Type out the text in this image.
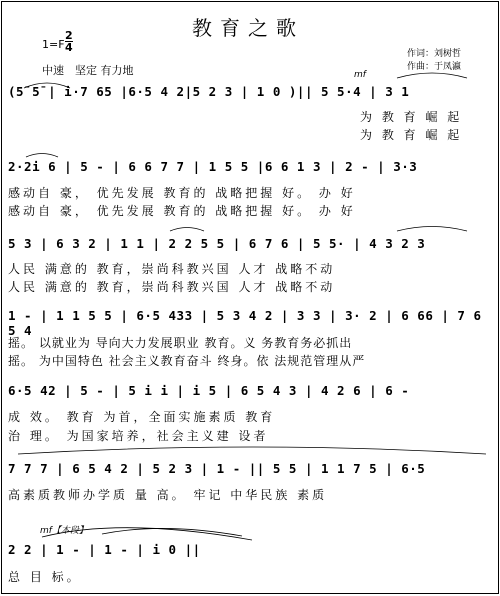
教育之歌
1=F
2
4
中速　坚定 有力地
作词：刘树哲
作曲：于凤瀛
mf
(5̄ 5̄ | i·7 65 |6·5 4 2|5 2 3 | 1 0 )|| 5 5·4 | 3 1
为 教 育 崛 起
为 教 育 崛 起
2·2i 6 | 5 - | 6 6 7 7 | 1 5 5 |6 6 1 3 | 2 - | 3·3
感动自 豪， 优先发展 教育的 战略把握 好。 办 好
感动自 豪， 优先发展 教育的 战略把握 好。 办 好
5 3 | 6 3 2 | 1 1 | 2 2 5 5 | 6 7 6 | 5 5· | 4 3 2 3
人民 满意的 教育，崇尚科教兴国 人才 战略不动
人民 满意的 教育，崇尚科教兴国 人才 战略不动
1 - | 1 1 5 5 | 6·5 433 | 5 3 4 2 | 3 3 | 3· 2 | 6 66 | 7 6 5 4
摇。 以就业为 导向大力发展职业 教育。义 务教育务必抓出
摇。 为中国特色 社会主义教育奋斗 终身。依 法规范管理从严
6·5 42 | 5 - | 5 i i | i 5 | 6 5 4 3 | 4 2 6 | 6 -
成 效。 教育 为首，全面实施素质 教育
治 理。 为国家培养，社会主义建 设者
7 7 7 | 6 5 4 2 | 5 2 3 | 1 - || 5 5 | 1 1 7 5 | 6·5
高素质教师办学质 量 高。 牢记 中华民族 素质
mf【本段】
2 2 | 1 - | 1 - | i 0 ||
总 目 标。
